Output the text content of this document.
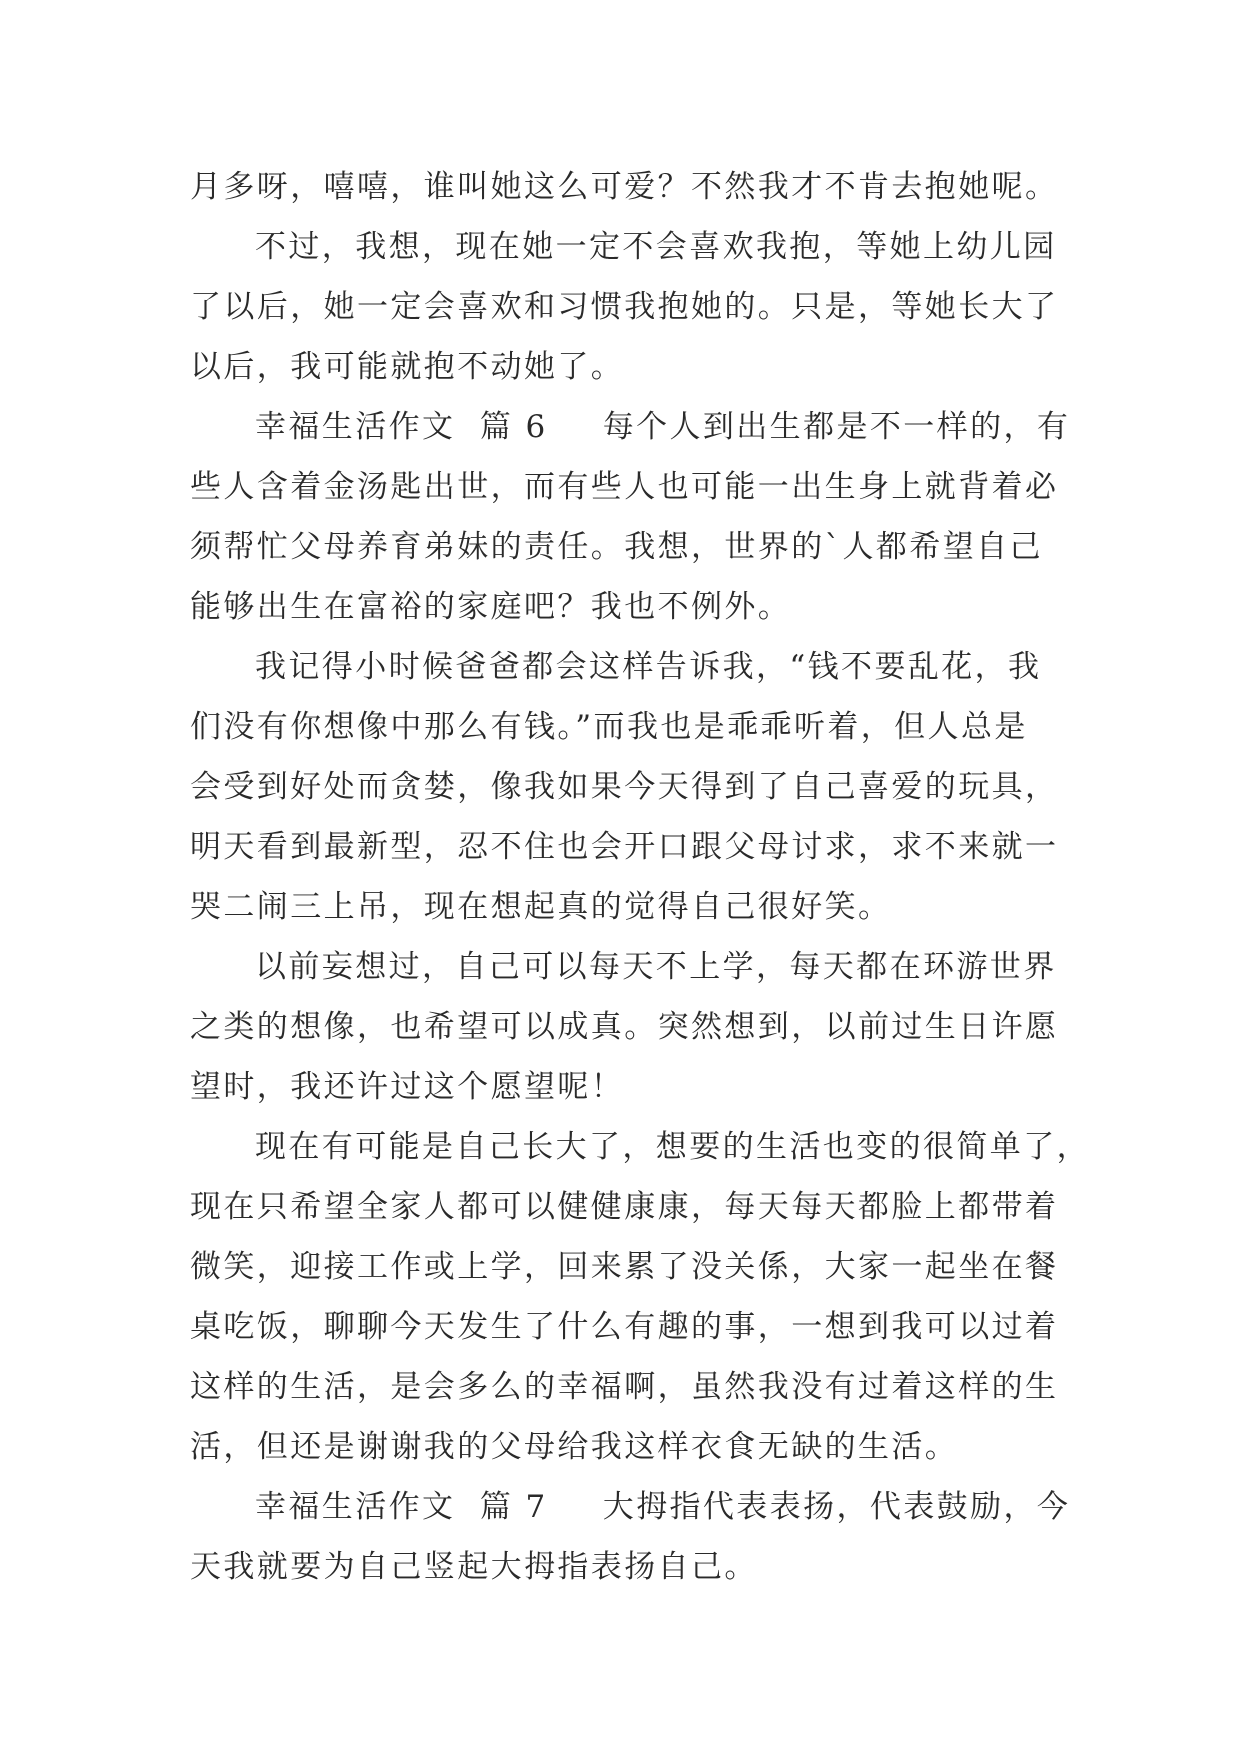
月多呀，嘻嘻，谁叫她这么可爱？不然我才不肯去抱她呢。
不过，我想，现在她一定不会喜欢我抱，等她上幼儿园
了以后，她一定会喜欢和习惯我抱她的。只是，等她长大了
以后，我可能就抱不动她了。
幸福生活作文  篇 6 每个人到出生都是不一样的，有
些人含着金汤匙出世，而有些人也可能一出生身上就背着必
须帮忙父母养育弟妹的责任。我想，世界的`人都希望自己
能够出生在富裕的家庭吧？我也不例外。
我记得小时候爸爸都会这样告诉我，“钱不要乱花，我
们没有你想像中那么有钱。”而我也是乖乖听着，但人总是
会受到好处而贪婪，像我如果今天得到了自己喜爱的玩具，
明天看到最新型，忍不住也会开口跟父母讨求，求不来就一
哭二闹三上吊，现在想起真的觉得自己很好笑。
以前妄想过，自己可以每天不上学，每天都在环游世界
之类的想像，也希望可以成真。突然想到，以前过生日许愿
望时，我还许过这个愿望呢！
现在有可能是自己长大了，想要的生活也变的很简单了，
现在只希望全家人都可以健健康康，每天每天都脸上都带着
微笑，迎接工作或上学，回来累了没关係，大家一起坐在餐
桌吃饭，聊聊今天发生了什么有趣的事，一想到我可以过着
这样的生活，是会多么的幸福啊，虽然我没有过着这样的生
活，但还是谢谢我的父母给我这样衣食无缺的生活。
幸福生活作文  篇 7 大拇指代表表扬，代表鼓励，今
天我就要为自己竖起大拇指表扬自己。
